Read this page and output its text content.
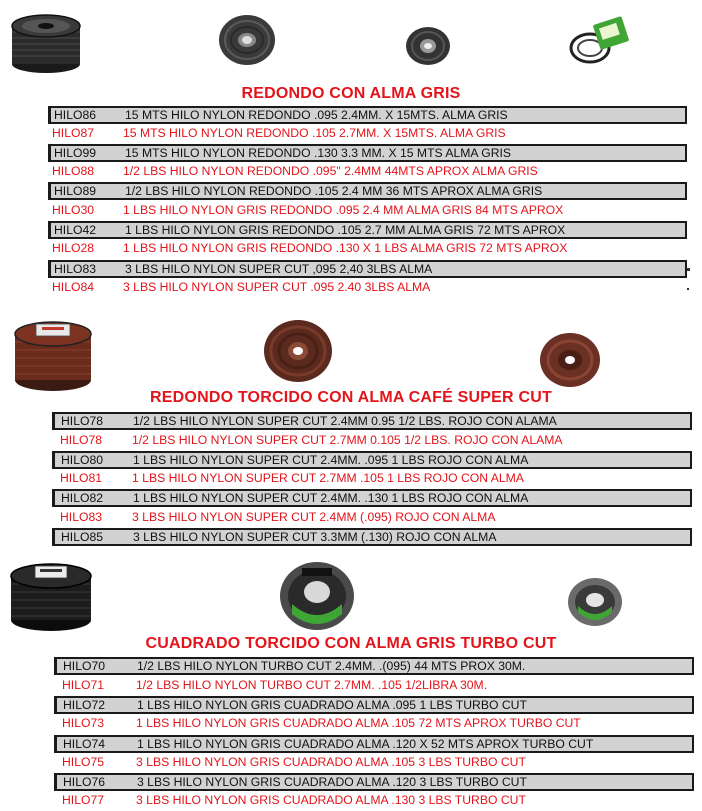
REDONDO CON ALMA GRIS
HILO86 15 MTS HILO NYLON REDONDO .095 2.4MM. X 15MTS. ALMA GRIS
HILO87 15 MTS HILO NYLON REDONDO .105 2.7MM. X 15MTS. ALMA GRIS
HILO99 15 MTS HILO NYLON REDONDO .130 3.3 MM. X 15 MTS ALMA GRIS
HILO88 1/2 LBS HILO NYLON REDONDO .095" 2.4MM 44MTS APROX ALMA GRIS
HILO89 1/2 LBS HILO NYLON REDONDO .105 2.4 MM 36 MTS APROX ALMA GRIS
HILO30 1 LBS HILO NYLON GRIS REDONDO .095 2.4 MM ALMA GRIS 84 MTS APROX
HILO42 1 LBS HILO NYLON GRIS REDONDO .105 2.7 MM ALMA GRIS 72 MTS APROX
HILO28 1 LBS HILO NYLON GRIS REDONDO .130 X 1 LBS ALMA GRIS 72 MTS APROX
HILO83 3 LBS HILO NYLON SUPER CUT ,095 2,40 3LBS ALMA
HILO84 3 LBS HILO NYLON SUPER CUT .095 2.40 3LBS ALMA
REDONDO TORCIDO CON ALMA CAFÉ SUPER CUT
HILO78 1/2 LBS HILO NYLON SUPER CUT 2.4MM 0.95 1/2 LBS. ROJO CON ALAMA
HILO78 1/2 LBS HILO NYLON SUPER CUT 2.7MM 0.105 1/2 LBS. ROJO CON ALAMA
HILO80 1 LBS HILO NYLON SUPER CUT 2.4MM. .095 1 LBS ROJO CON ALMA
HILO81 1 LBS HILO NYLON SUPER CUT 2.7MM .105 1 LBS ROJO CON ALMA
HILO82 1 LBS HILO NYLON SUPER CUT 2.4MM. .130 1 LBS ROJO CON ALMA
HILO83 3 LBS HILO NYLON SUPER CUT 2.4MM (.095) ROJO CON ALMA
HILO85 3 LBS HILO NYLON SUPER CUT 3.3MM (.130) ROJO CON ALMA
CUADRADO TORCIDO CON ALMA GRIS TURBO CUT
HILO70	1/2 LBS HILO NYLON TURBO CUT 2.4MM. .(095) 44 MTS PROX 30M.
HILO71	1/2 LBS HILO NYLON TURBO CUT 2.7MM. .105 1/2LIBRA 30M.
HILO72	1 LBS HILO NYLON GRIS CUADRADO ALMA .095 1 LBS TURBO CUT
HILO73	1 LBS HILO NYLON GRIS CUADRADO ALMA .105 72 MTS APROX TURBO CUT
HILO74	1 LBS HILO NYLON GRIS CUADRADO ALMA .120 X 52 MTS APROX TURBO CUT
HILO75	3 LBS HILO NYLON GRIS CUADRADO ALMA .105 3 LBS TURBO CUT
HILO76	3 LBS HILO NYLON GRIS CUADRADO ALMA .120 3 LBS TURBO CUT
HILO77	3 LBS HILO NYLON GRIS CUADRADO ALMA .130 3 LBS TURBO CUT
